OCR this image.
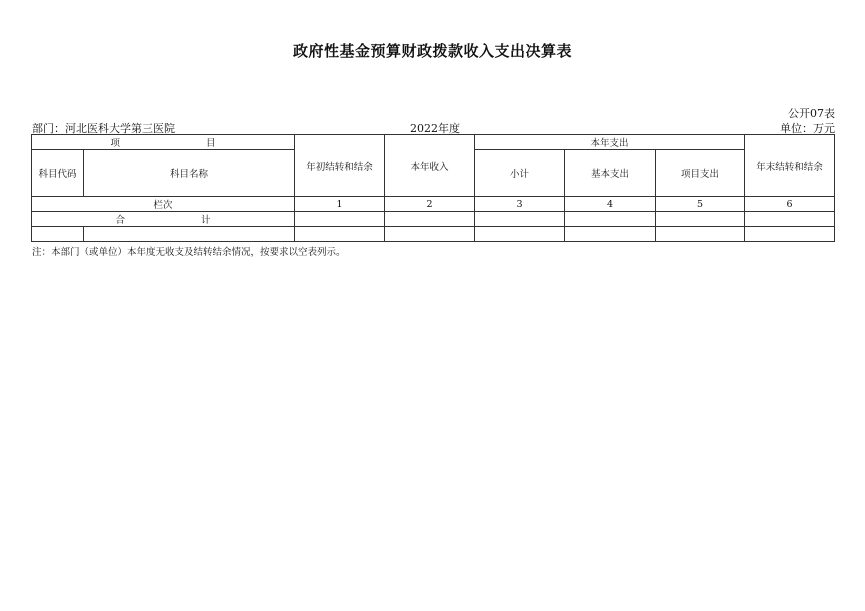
政府性基金预算财政拨款收入支出决算表
公开07表
部门：河北医科大学第三医院	2022年度	单位：万元
项 目		年初结转和结余	本年收入	本年支出			年末结转和结余
科目代码	科目名称			小计	基本支出	项目支出	
栏次		1	2	3	4	5	6
合 计							

注：本部门（或单位）本年度无收支及结转结余情况，按要求以空表列示。
